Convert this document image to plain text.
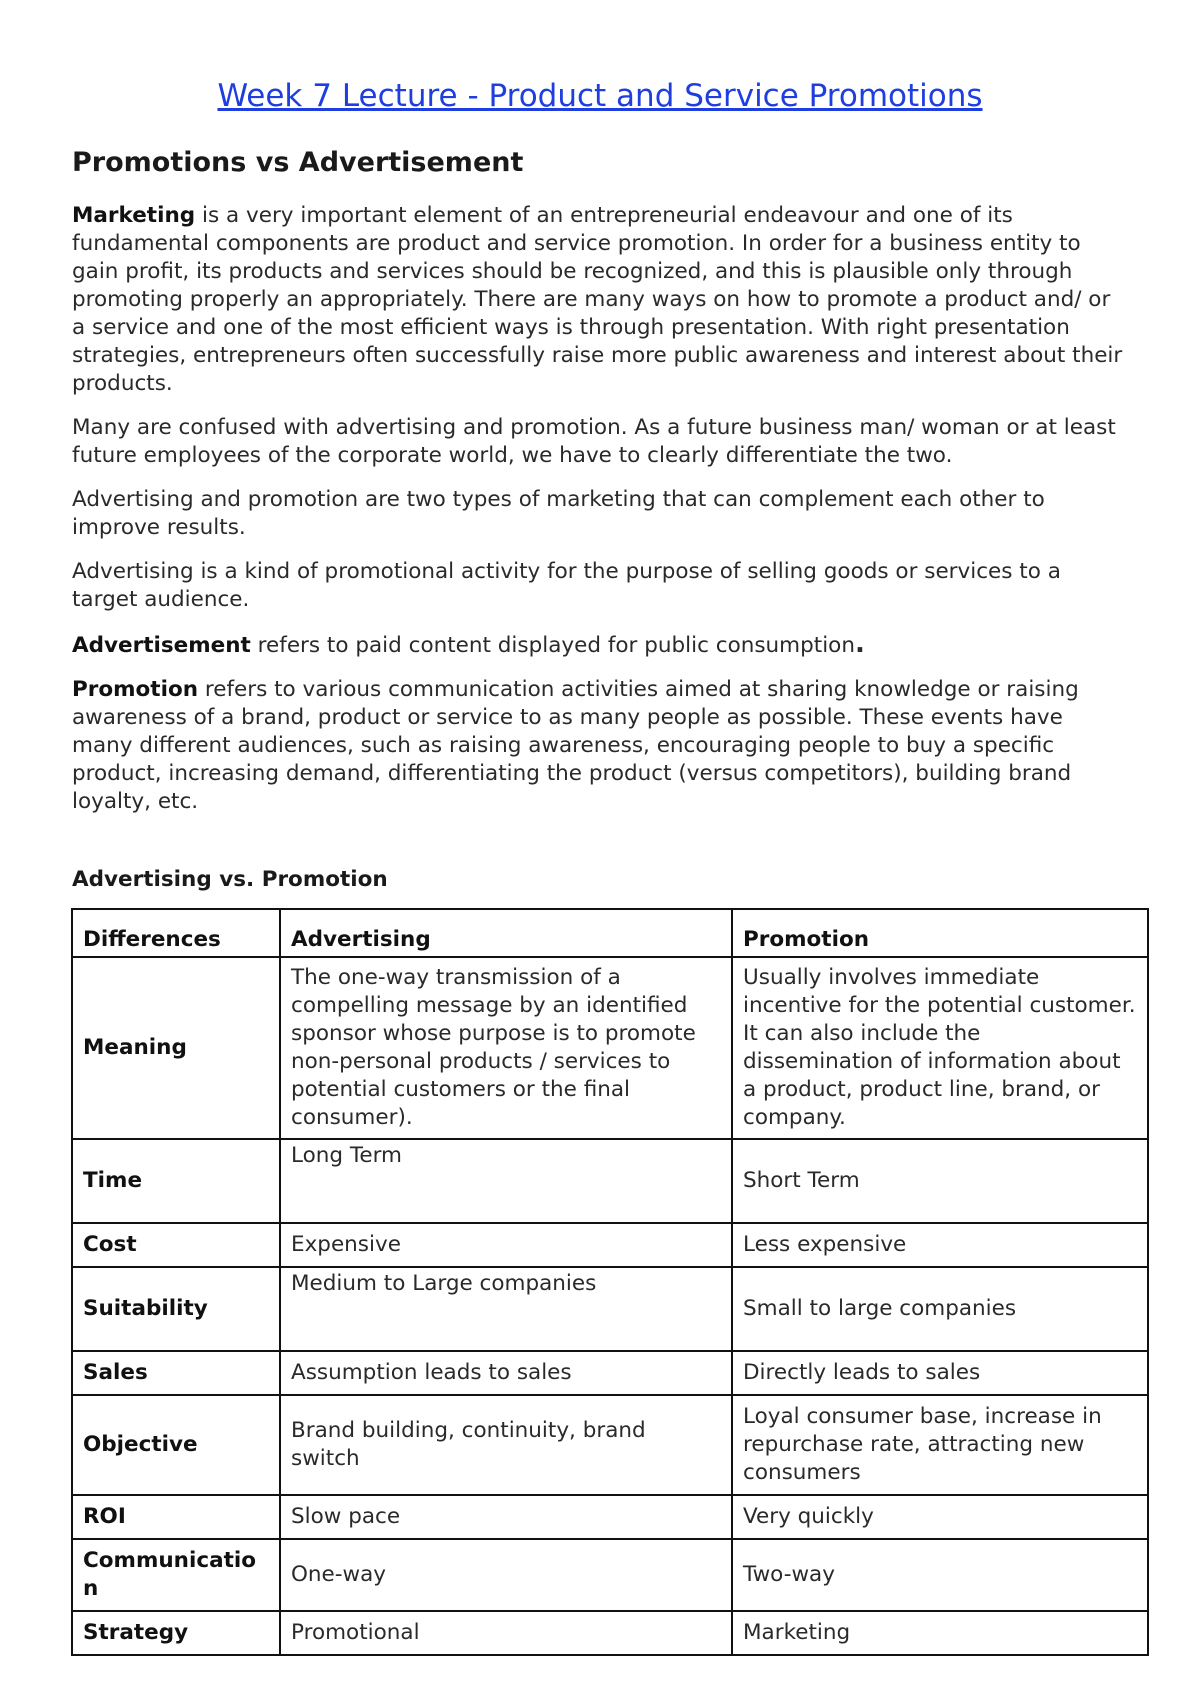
Week 7 Lecture - Product and Service Promotions
Promotions vs Advertisement

Marketing is a very important element of an entrepreneurial endeavour and one of its fundamental components are product and service promotion. In order for a business entity to gain profit, its products and services should be recognized, and this is plausible only through promoting properly an appropriately. There are many ways on how to promote a product and/ or a service and one of the most efficient ways is through presentation. With right presentation strategies, entrepreneurs often successfully raise more public awareness and interest about their products.

Many are confused with advertising and promotion. As a future business man/ woman or at least future employees of the corporate world, we have to clearly differentiate the two.

Advertising and promotion are two types of marketing that can complement each other to improve results.

Advertising is a kind of promotional activity for the purpose of selling goods or services to a target audience.

Advertisement refers to paid content displayed for public consumption.

Promotion refers to various communication activities aimed at sharing knowledge or raising awareness of a brand, product or service to as many people as possible. These events have many different audiences, such as raising awareness, encouraging people to buy a specific product, increasing demand, differentiating the product (versus competitors), building brand loyalty, etc.

Advertising vs. Promotion
Differences	Advertising	Promotion
Meaning	The one-way transmission of a compelling message by an identified sponsor whose purpose is to promote non-personal products / services to potential customers or the final consumer).	Usually involves immediate incentive for the potential customer. It can also include the dissemination of information about a product, product line, brand, or company.
Time	Long Term	Short Term
Cost	Expensive	Less expensive
Suitability	Medium to Large companies	Small to large companies
Sales	Assumption leads to sales	Directly leads to sales
Objective	Brand building, continuity, brand switch	Loyal consumer base, increase in repurchase rate, attracting new consumers
ROI	Slow pace	Very quickly
Communication	One-way	Two-way
Strategy	Promotional	Marketing
